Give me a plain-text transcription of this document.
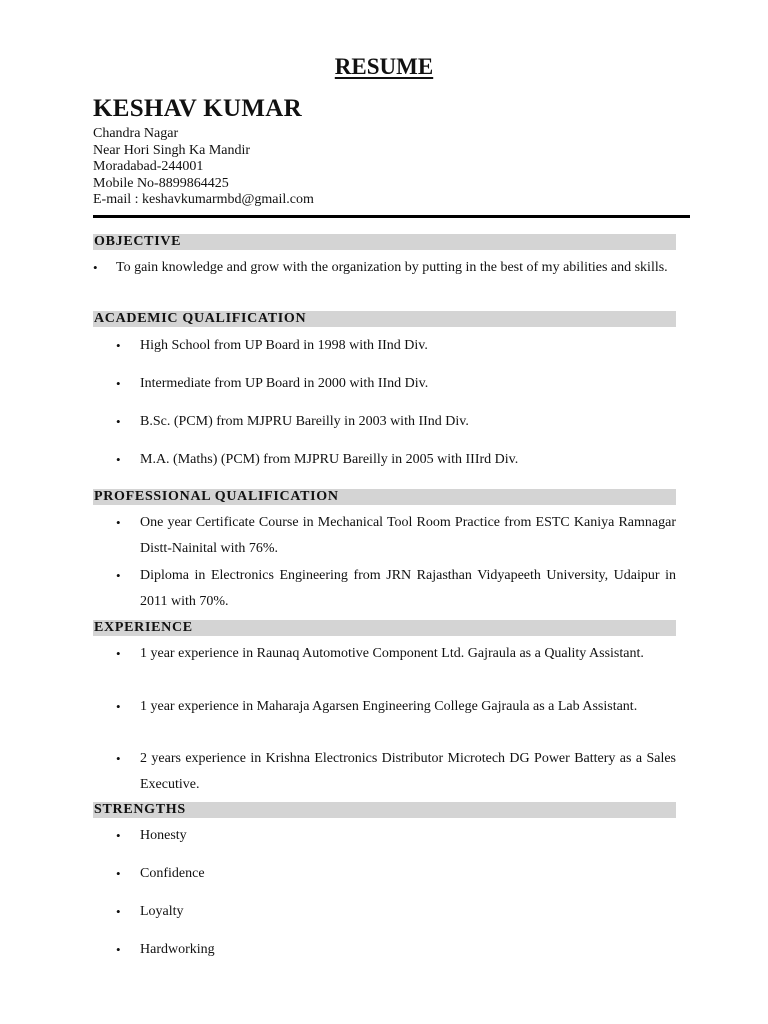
RESUME
KESHAV KUMAR
Chandra Nagar
Near Hori Singh Ka Mandir
Moradabad-244001
Mobile No-8899864425
E-mail : keshavkumarmbd@gmail.com
OBJECTIVE
• To gain knowledge and grow with the organization by putting in the best of my abilities and skills.
ACADEMIC QUALIFICATION
• High School from UP Board in 1998 with IInd Div.
• Intermediate from UP Board in 2000 with IInd Div.
• B.Sc. (PCM) from MJPRU Bareilly in 2003 with IInd Div.
• M.A. (Maths) (PCM) from MJPRU Bareilly in 2005 with IIIrd Div.
PROFESSIONAL QUALIFICATION
• One year Certificate Course in Mechanical Tool Room Practice from ESTC Kaniya Ramnagar Distt-Nainital with 76%.
• Diploma in Electronics Engineering from JRN Rajasthan Vidyapeeth University, Udaipur in 2011 with 70%.
EXPERIENCE
• 1 year experience in Raunaq Automotive Component Ltd. Gajraula as a Quality Assistant.
• 1 year experience in Maharaja Agarsen Engineering College Gajraula as a Lab Assistant.
• 2 years experience in Krishna Electronics Distributor Microtech DG Power Battery as a Sales Executive.
STRENGTHS
• Honesty
• Confidence
• Loyalty
• Hardworking
